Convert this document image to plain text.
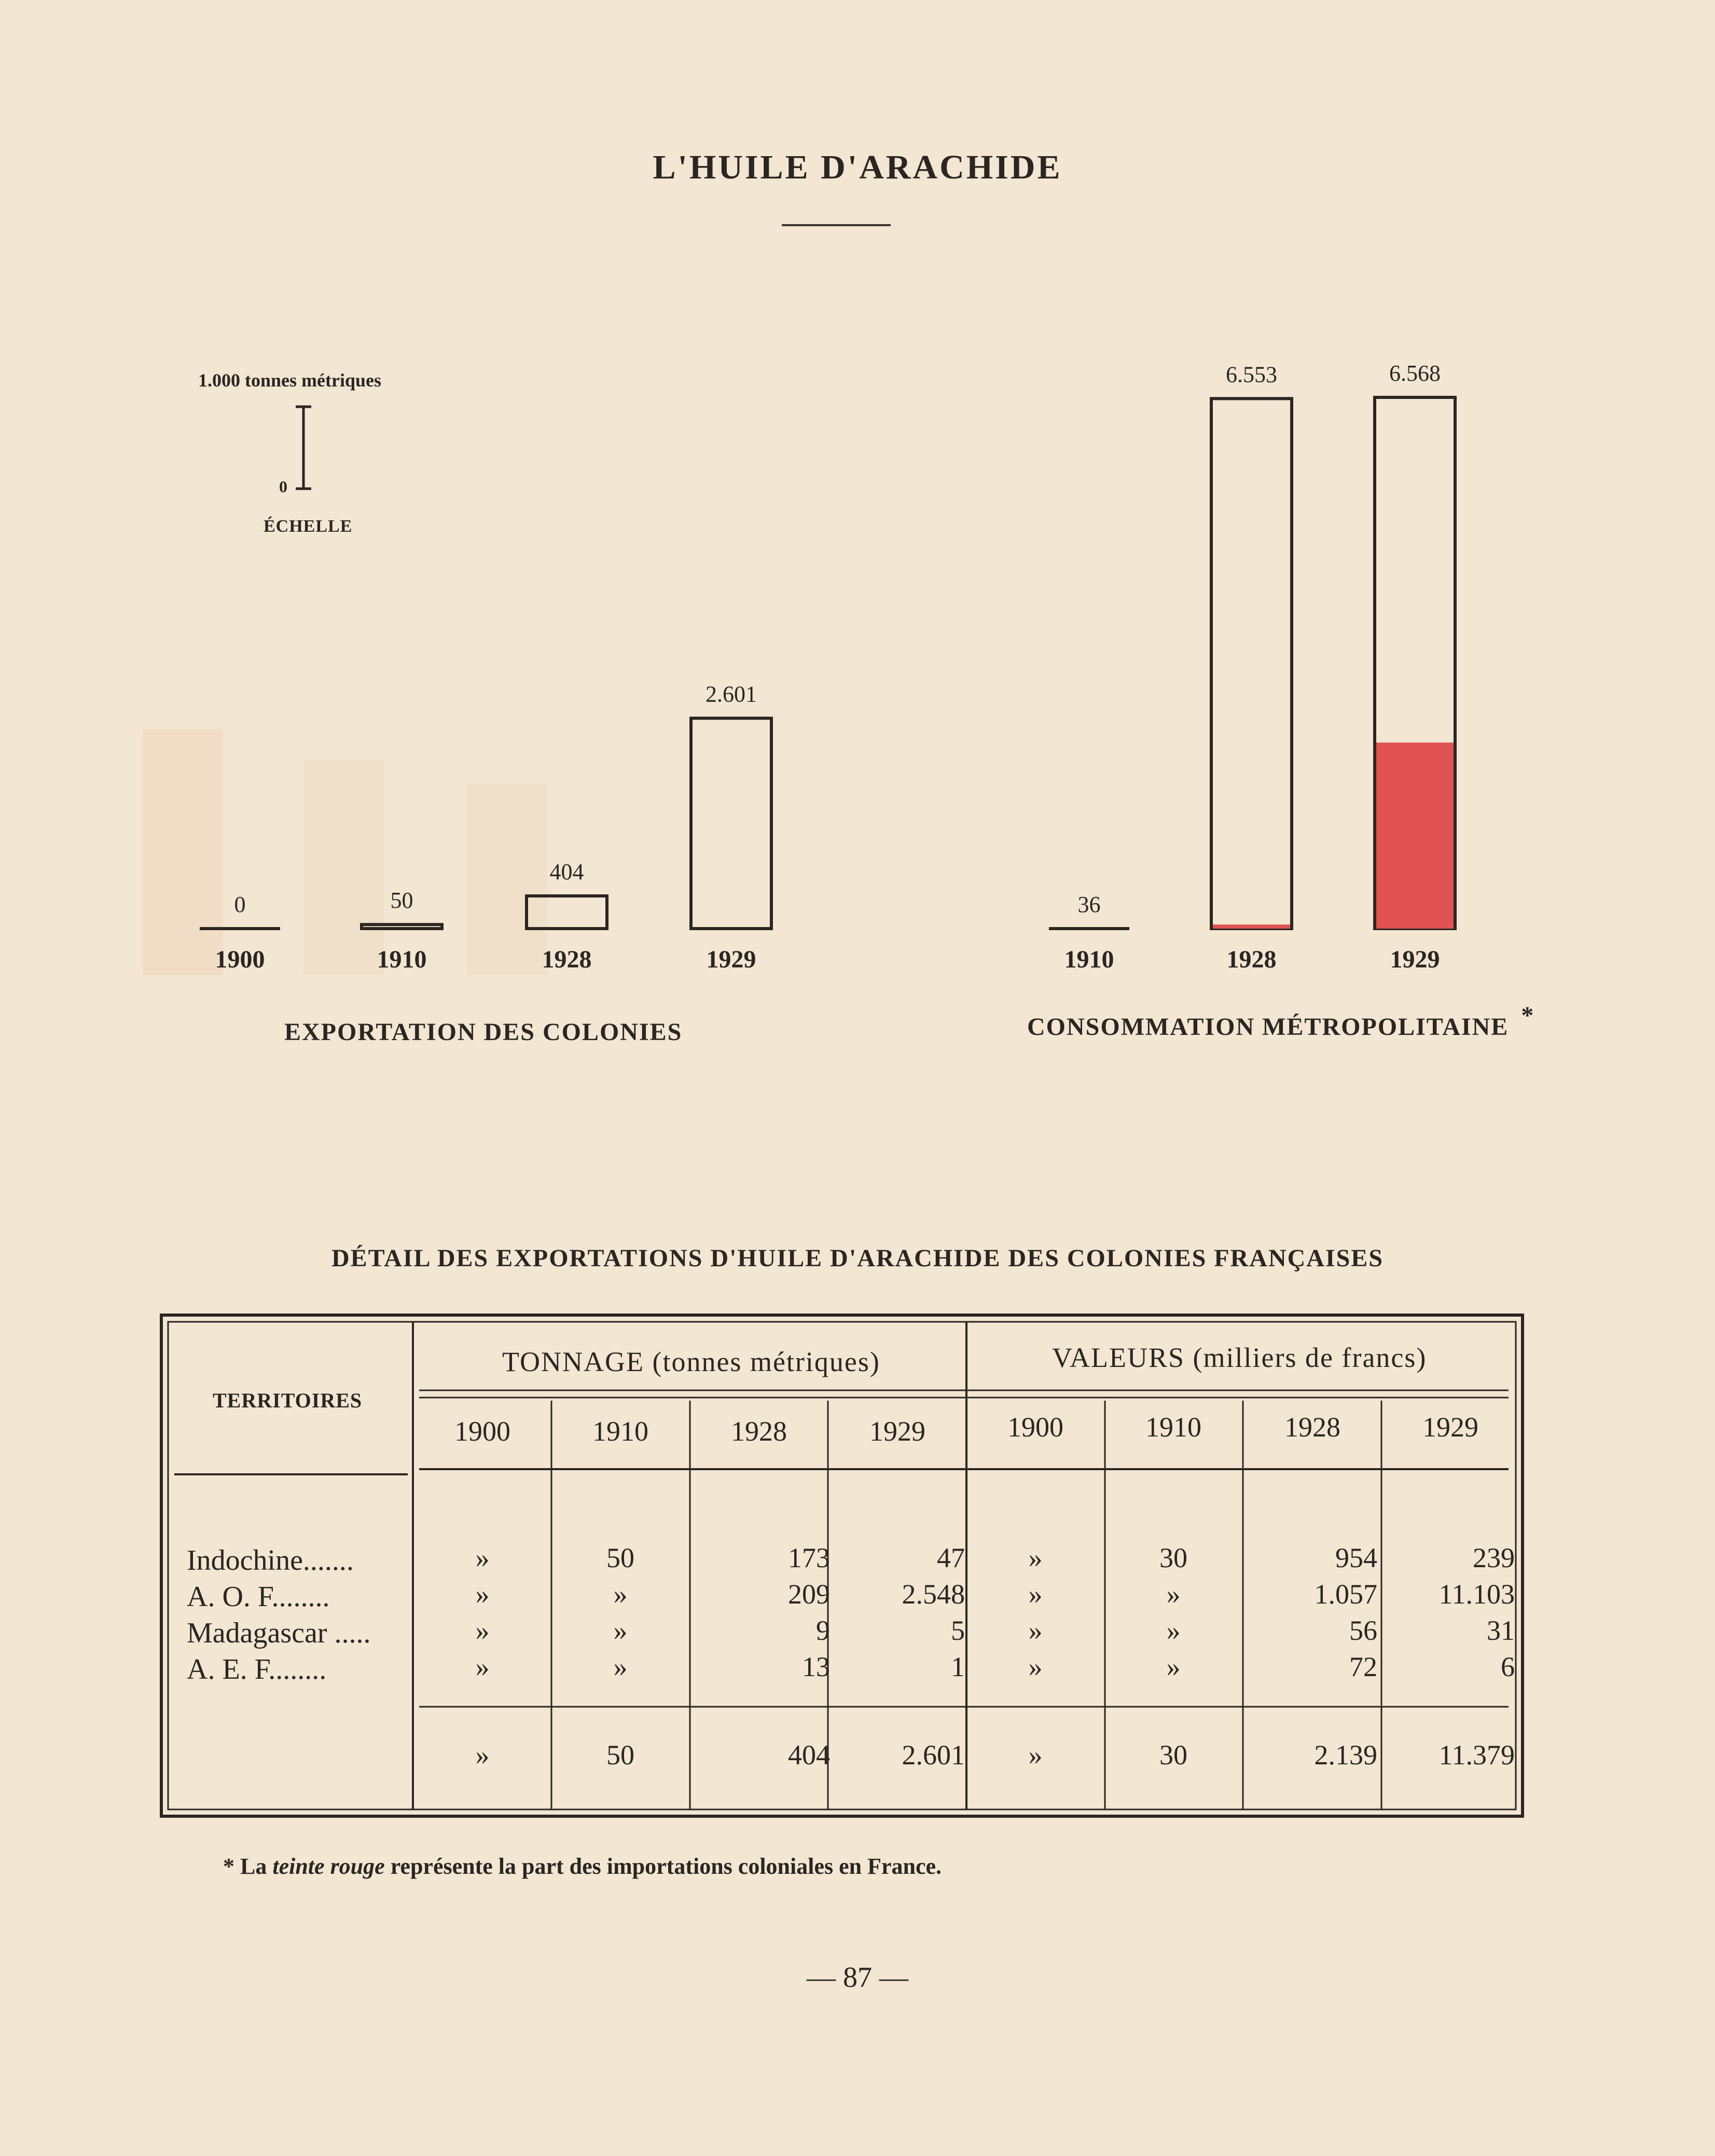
L'HUILE D'ARACHIDE
1.000 tonnes métriques
0
ÉCHELLE
0
1900
50
1910
404
1928
2.601
1929
36
1910
6.553
1928
6.568
1929
EXPORTATION DES COLONIES	CONSOMMATION MÉTROPOLITAINE *
DÉTAIL DES EXPORTATIONS D'HUILE D'ARACHIDE DES COLONIES FRANÇAISES
TERRITOIRES
TONNAGE (tonnes métriques)	VALEURS (milliers de francs)
1900	1910	1928	1929	1900	1910	1928	1929
Indochine.......	»	50	173	47	»	30	954	239
A. O. F........	»	»	209	2.548	»	»	1.057	11.103
Madagascar .....	»	»	9	5	»	»	56	31
A. E. F........	»	»	13	1	»	»	72	6
»	50	404	2.601	»	30	2.139	11.379
* La teinte rouge représente la part des importations coloniales en France.
— 87 —
